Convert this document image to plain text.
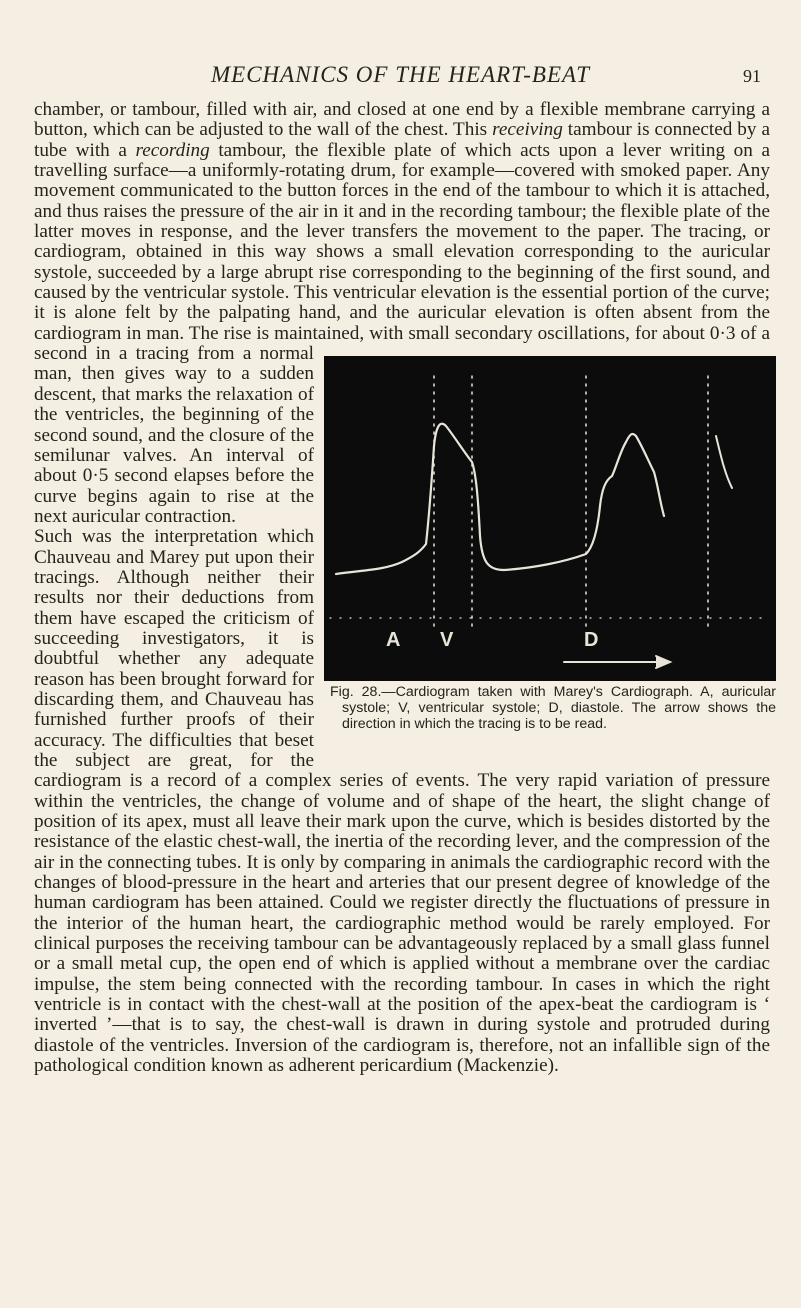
MECHANICS OF THE HEART-BEAT	91
A V	D
Fig. 28.—Cardiogram taken with Marey's Cardiograph. A, auricular systole; V, ventricular systole; D, diastole. The arrow shows the direction in which the tracing is to be read.

chamber, or tambour, filled with air, and closed at one end by a flexible membrane carrying a button, which can be adjusted to the wall of the chest. This receiving tambour is connected by a tube with a recording tambour, the flexible plate of which acts upon a lever writing on a travelling surface—a uniformly-rotating drum, for example—covered with smoked paper. Any movement communicated to the button forces in the end of the tambour to which it is attached, and thus raises the pressure of the air in it and in the recording tambour; the flexible plate of the latter moves in response, and the lever transfers the movement to the paper. The tracing, or cardiogram, obtained in this way shows a small elevation corresponding to the auricular systole, succeeded by a large abrupt rise corresponding to the beginning of the first sound, and caused by the ventricular systole. This ventricular elevation is the essential portion of the curve; it is alone felt by the palpating hand, and the auricular elevation is often absent from the cardiogram in man. The rise is maintained, with small secondary oscillations, for about 0·3 of a second in a tracing from a normal man, then gives way to a sudden descent, that marks the relaxation of the ventricles, the beginning of the second sound, and the closure of the semilunar valves. An interval of about 0·5 second elapses before the curve begins again to rise at the next auricular contraction.

Such was the interpretation which Chauveau and Marey put upon their tracings. Although neither their results nor their deductions from them have escaped the criticism of succeeding investigators, it is doubtful whether any adequate reason has been brought forward for discarding them, and Chauveau has furnished further proofs of their accuracy. The difficulties that beset the subject are great, for the cardiogram is a record of a complex series of events. The very rapid variation of pressure within the ventricles, the change of volume and of shape of the heart, the slight change of position of its apex, must all leave their mark upon the curve, which is besides distorted by the resistance of the elastic chest-wall, the inertia of the recording lever, and the compression of the air in the connecting tubes. It is only by comparing in animals the cardiographic record with the changes of blood-pressure in the heart and arteries that our present degree of knowledge of the human cardiogram has been attained. Could we register directly the fluctuations of pressure in the interior of the human heart, the cardiographic method would be rarely employed. For clinical purposes the receiving tambour can be advantageously replaced by a small glass funnel or a small metal cup, the open end of which is applied without a membrane over the cardiac impulse, the stem being connected with the recording tambour. In cases in which the right ventricle is in contact with the chest-wall at the position of the apex-beat the cardiogram is ‘ inverted ’—that is to say, the chest-wall is drawn in during systole and protruded during diastole of the ventricles. Inversion of the cardiogram is, therefore, not an infallible sign of the pathological condition known as adherent pericardium (Mackenzie).
